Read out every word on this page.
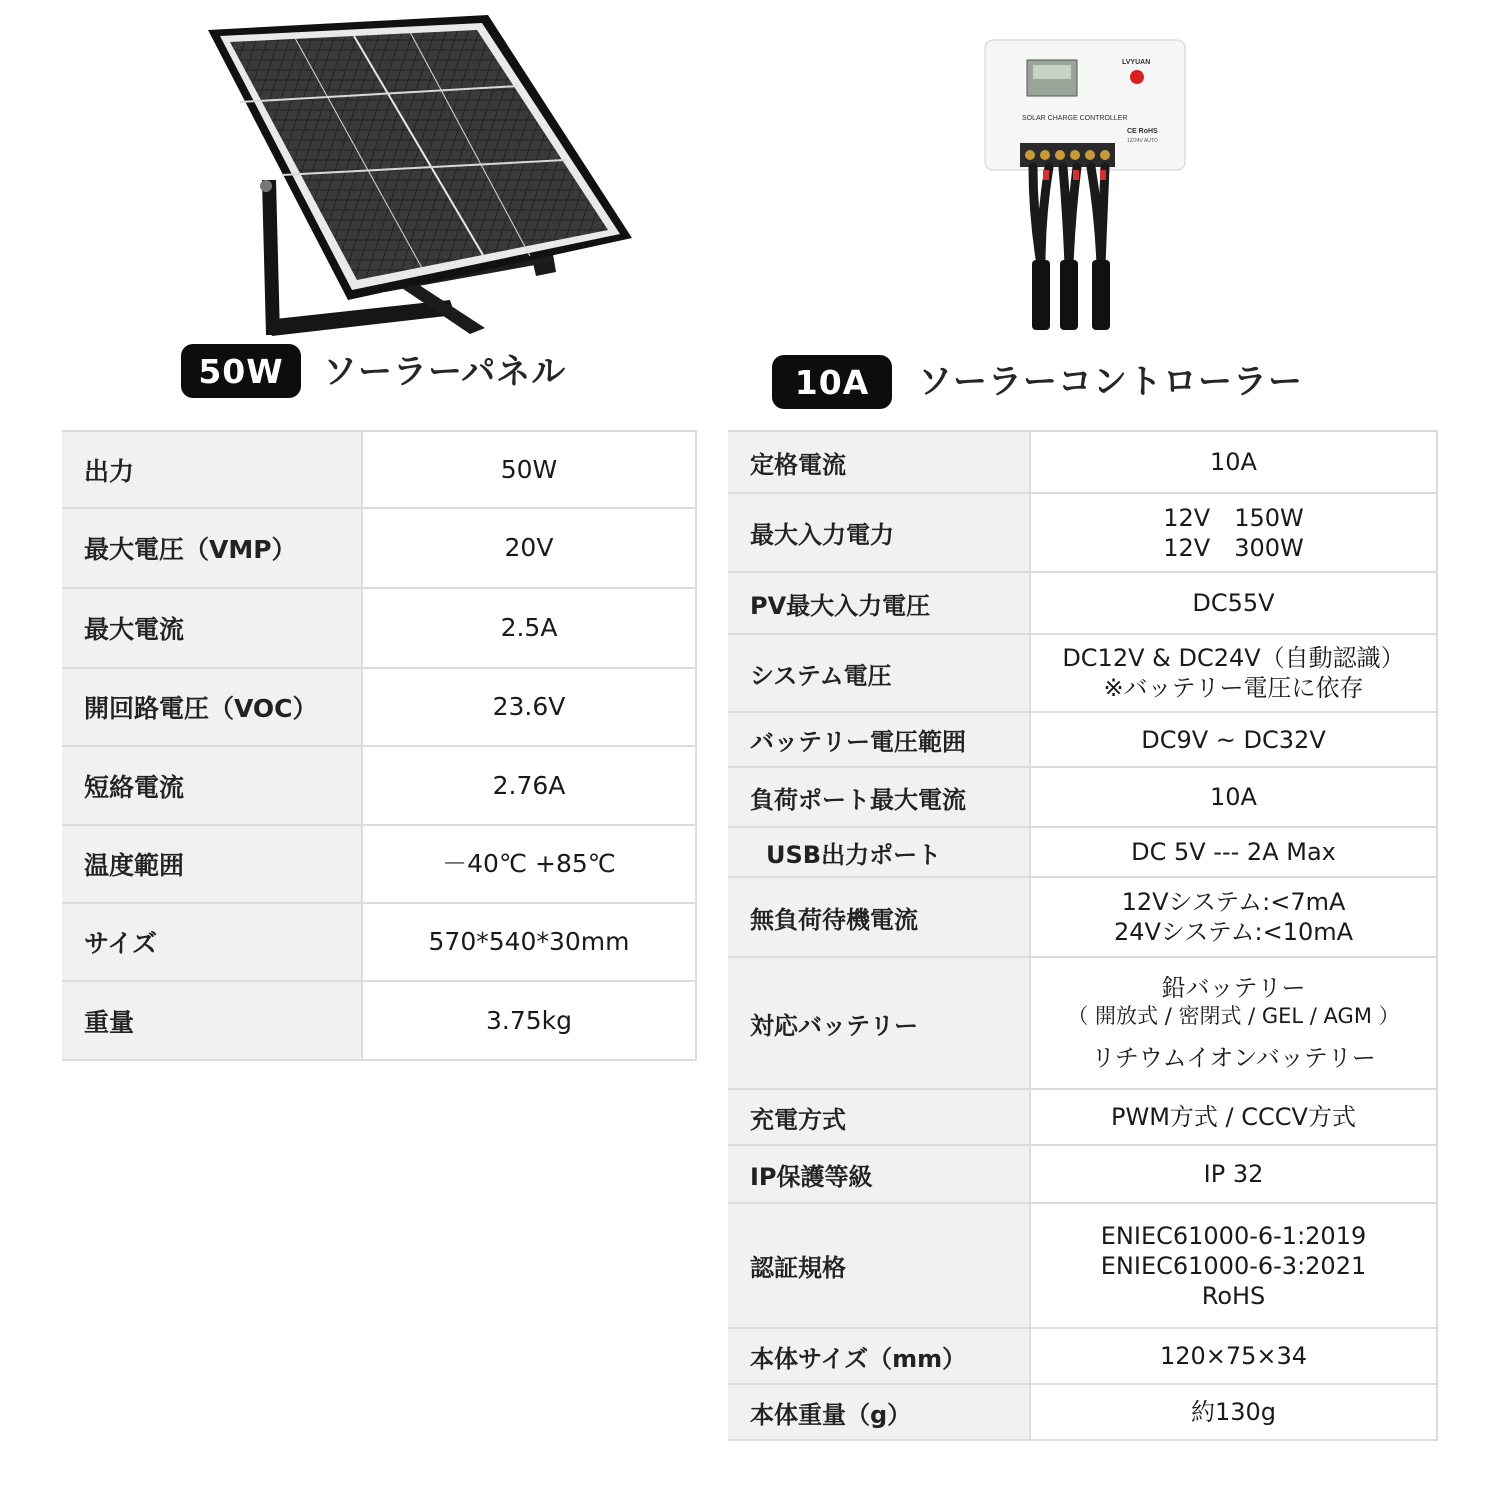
LVYUAN
SOLAR CHARGE CONTROLLER
CE RoHS
12/24V AUTO
50W	ソーラーパネル	10A	ソーラーコントローラー
出力	50W
最大電圧（VMP）	20V
最大電流	2.5A
開回路電圧（VOC）	23.6V
短絡電流	2.76A
温度範囲	－40℃ +85℃
サイズ	570*540*30mm
重量	3.75kg
定格電流	10A
最大入力電力	12V　150W
12V　300W

PV最大入力電圧	DC55V
システム電圧	DC12V & DC24V（自動認識）
※バッテリー電圧に依存

バッテリー電圧範囲	DC9V ~ DC32V
負荷ポート最大電流	10A
USB出力ポート	DC 5V --- 2A Max
無負荷待機電流	12Vシステム:<7mA
24Vシステム:<10mA

対応バッテリー	鉛バッテリー
（ 開放式 / 密閉式 / GEL / AGM ）
リチウムイオンバッテリー

充電方式	PWM方式 / CCCV方式
IP保護等級	IP 32
認証規格	ENIEC61000-6-1:2019
ENIEC61000-6-3:2021
RoHS

本体サイズ（mm）	120×75×34
本体重量（g）	約130g
